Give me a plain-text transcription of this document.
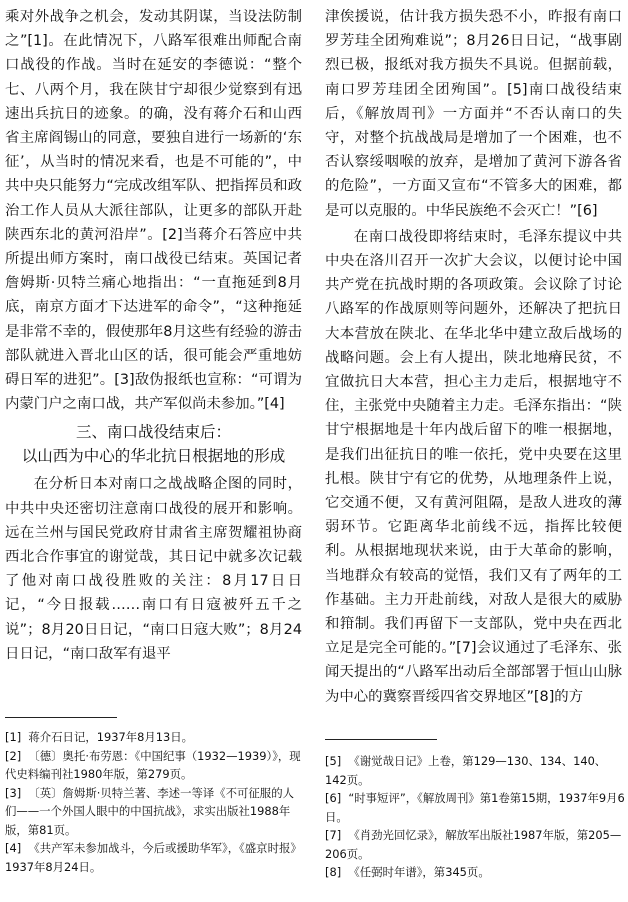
乘对外战争之机会，发动其阴谋，当设法防制之”[1]。在此情况下，八路军很难出师配合南口战役的作战。当时在延安的李德说：“整个七、八两个月，我在陕甘宁却很少觉察到有迅速出兵抗日的迹象。的确，没有蒋介石和山西省主席阎锡山的同意，要独自进行一场新的‘东征’，从当时的情况来看，也是不可能的”，中共中央只能努力“完成改组军队、把指挥员和政治工作人员从大派往部队，让更多的部队开赴陕西东北的黄河沿岸”。[2]当蒋介石答应中共所提出师方案时，南口战役已结束。英国记者詹姆斯·贝特兰痛心地指出：“一直拖延到8月底，南京方面才下达进军的命令”，“这种拖延是非常不幸的，假使那年8月这些有经验的游击部队就进入晋北山区的话，很可能会严重地妨碍日军的进犯”。[3]敌伪报纸也宣称：“可谓为内蒙门户之南口战，共产军似尚未参加。”[4]

三、南口战役结束后：

以山西为中心的华北抗日根据地的形成

在分析日本对南口之战战略企图的同时，中共中央还密切注意南口战役的展开和影响。远在兰州与国民党政府甘肃省主席贺耀祖协商西北合作事宜的谢觉哉，其日记中就多次记载了他对南口战役胜败的关注：8月17日日记，“今日报载……南口有日寇被歼五千之说”；8月20日日记，“南口日寇大败”；8月24日日记，“南口敌军有退平

[1]  蒋介石日记，1937年8月13日。

[2]  〔德〕奥托·布劳恩：《中国纪事（1932—1939）》，现代史料编刊社1980年版，第279页。

[3]  〔英〕詹姆斯·贝特兰著、李述一等译《不可征服的人们——一个外国人眼中的中国抗战》，求实出版社1988年版，第81页。

[4]  《共产军未参加战斗，今后或援助华军》，《盛京时报》1937年8月24日。

津俟援说，估计我方损失恐不小，昨报有南口罗芳珪全团殉难说”；8月26日日记，“战事剧烈已极，报纸对我方损失不具说。但据前载，南口罗芳珪团全团殉国”。[5]南口战役结束后，《解放周刊》一方面并“不否认南口的失守，对整个抗战战局是增加了一个困难，也不否认察绥咽喉的放弃，是增加了黄河下游各省的危险”，一方面又宣布“不管多大的困难，都是可以克服的。中华民族绝不会灭亡！”[6]

在南口战役即将结束时，毛泽东提议中共中央在洛川召开一次扩大会议，以便讨论中国共产党在抗战时期的各项政策。会议除了讨论八路军的作战原则等问题外，还解决了把抗日大本营放在陕北、在华北华中建立敌后战场的战略问题。会上有人提出，陕北地瘠民贫，不宜做抗日大本营，担心主力走后，根据地守不住，主张党中央随着主力走。毛泽东指出：“陕甘宁根据地是十年内战后留下的唯一根据地，是我们出征抗日的唯一依托，党中央要在这里扎根。陕甘宁有它的优势，从地理条件上说，它交通不便，又有黄河阻隔，是敌人进攻的薄弱环节。它距离华北前线不远，指挥比较便利。从根据地现状来说，由于大革命的影响，当地群众有较高的觉悟，我们又有了两年的工作基础。主力开赴前线，对敌人是很大的威胁和箝制。我们再留下一支部队，党中央在西北立足是完全可能的。”[7]会议通过了毛泽东、张闻天提出的“八路军出动后全部部署于恒山山脉为中心的冀察晋绥四省交界地区”[8]的方

[5]  《谢觉哉日记》上卷，第129—130、134、140、142页。

[6]  “时事短评”，《解放周刊》第1卷第15期，1937年9月6日。

[7]  《肖劲光回忆录》，解放军出版社1987年版，第205—206页。

[8]  《任弼时年谱》，第345页。
